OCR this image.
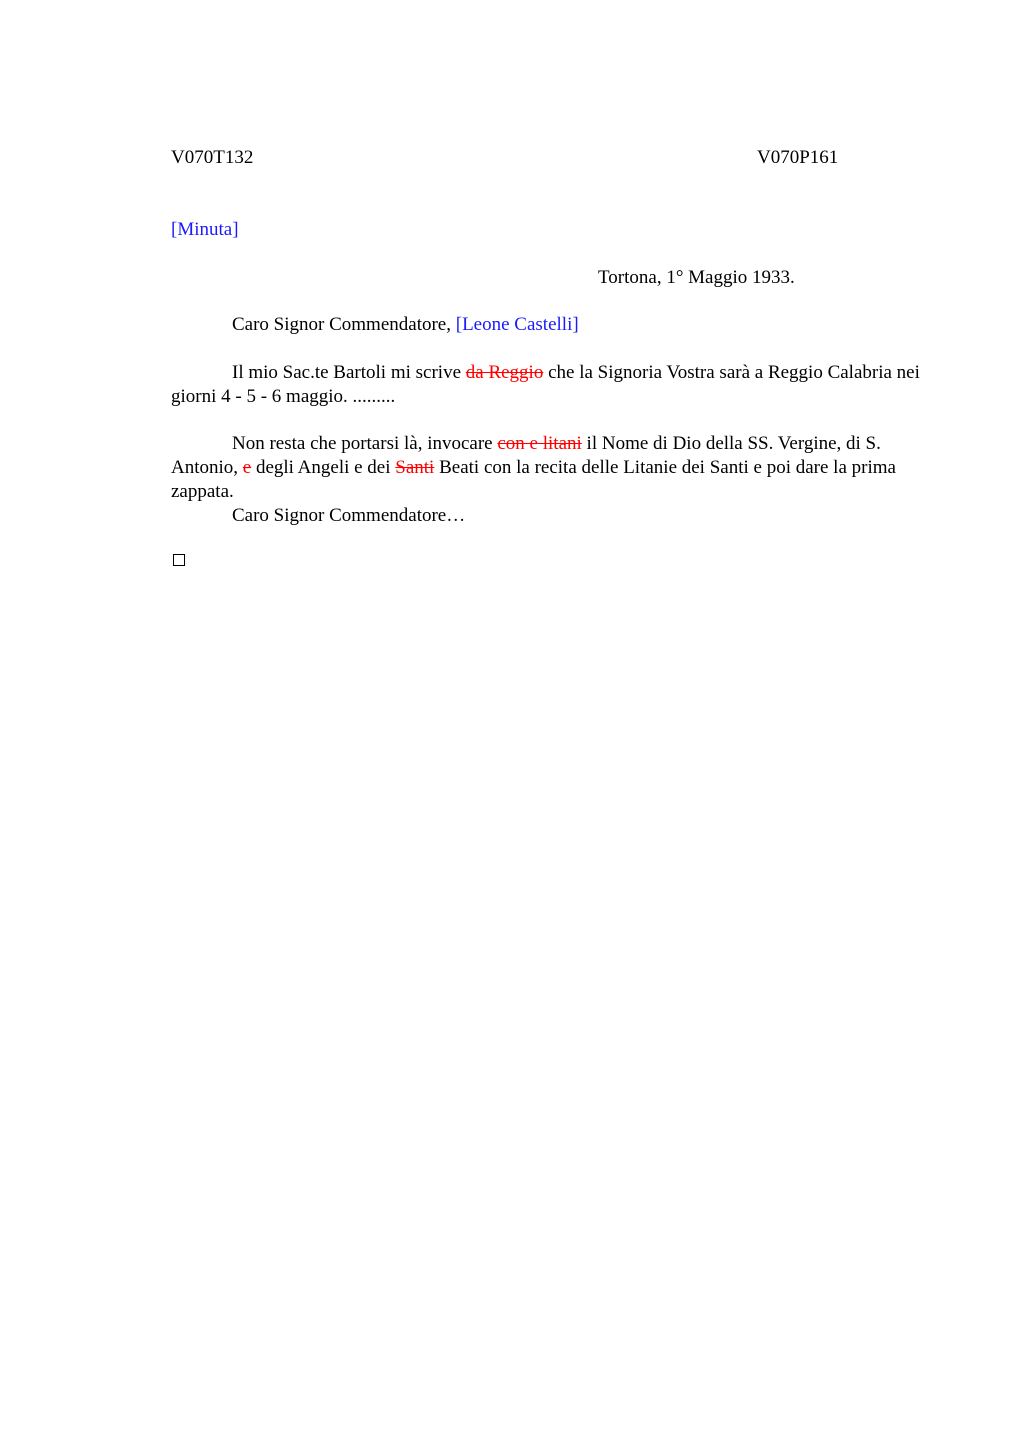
V070T132	V070P161
[Minuta]
Tortona, 1° Maggio 1933.
Caro Signor Commendatore, [Leone Castelli]
Il mio Sac.te Bartoli mi scrive da Reggio che la Signoria Vostra sarà a Reggio Calabria nei giorni 4 - 5 - 6 maggio. .........
Non resta che portarsi là, invocare con e litani il Nome di Dio della SS. Vergine, di S. Antonio, e degli Angeli e dei Santi Beati con la recita delle Litanie dei Santi e poi dare la prima zappata.
Caro Signor Commendatore…
